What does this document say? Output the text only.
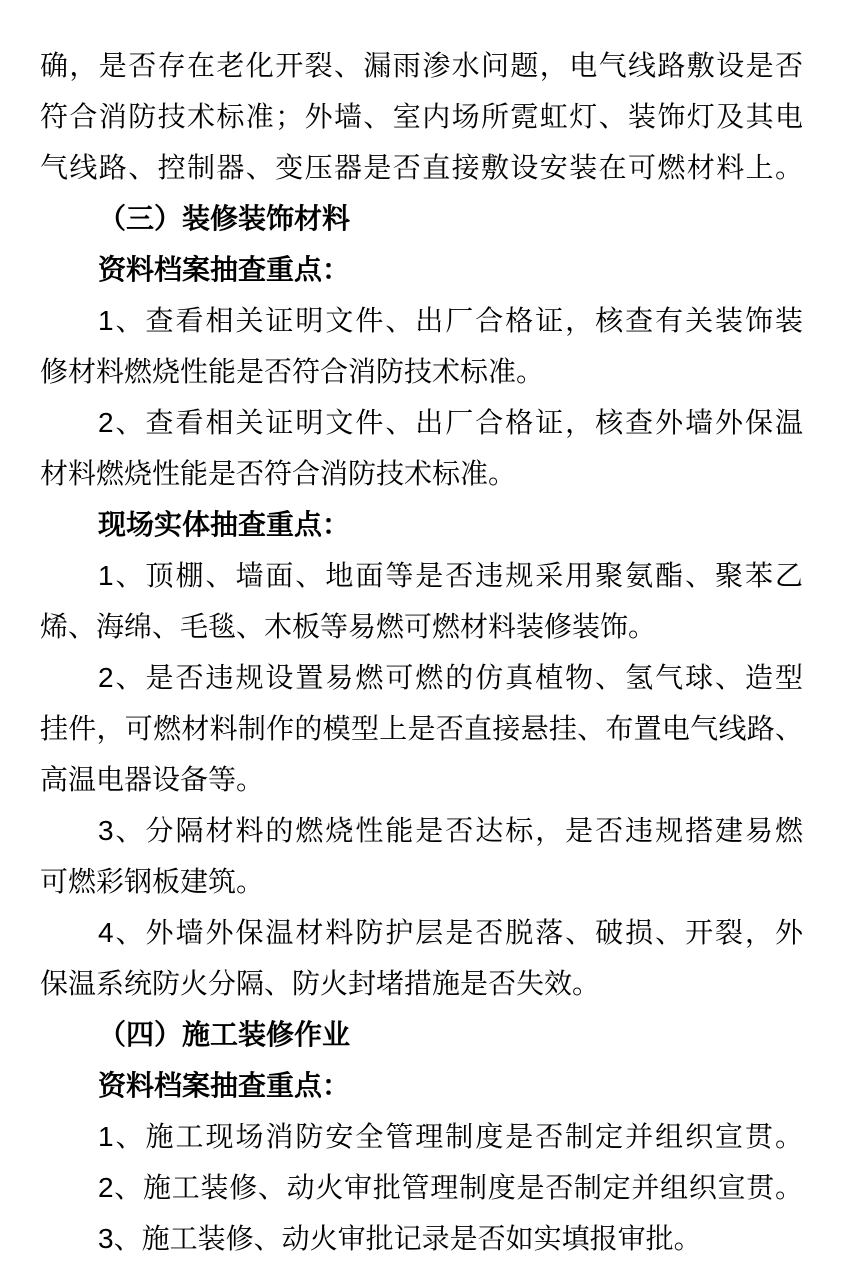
确，是否存在老化开裂、漏雨渗水问题，电气线路敷设是否
符合消防技术标准；外墙、室内场所霓虹灯、装饰灯及其电
气线路、控制器、变压器是否直接敷设安装在可燃材料上。
（三）装修装饰材料
资料档案抽查重点：
1、查看相关证明文件、出厂合格证，核查有关装饰装
修材料燃烧性能是否符合消防技术标准。
2、查看相关证明文件、出厂合格证，核查外墙外保温
材料燃烧性能是否符合消防技术标准。
现场实体抽查重点：
1、顶棚、墙面、地面等是否违规采用聚氨酯、聚苯乙
烯、海绵、毛毯、木板等易燃可燃材料装修装饰。
2、是否违规设置易燃可燃的仿真植物、氢气球、造型
挂件，可燃材料制作的模型上是否直接悬挂、布置电气线路、
高温电器设备等。
3、分隔材料的燃烧性能是否达标，是否违规搭建易燃
可燃彩钢板建筑。
4、外墙外保温材料防护层是否脱落、破损、开裂，外
保温系统防火分隔、防火封堵措施是否失效。
（四）施工装修作业
资料档案抽查重点：
1、施工现场消防安全管理制度是否制定并组织宣贯。
2、施工装修、动火审批管理制度是否制定并组织宣贯。
3、施工装修、动火审批记录是否如实填报审批。
